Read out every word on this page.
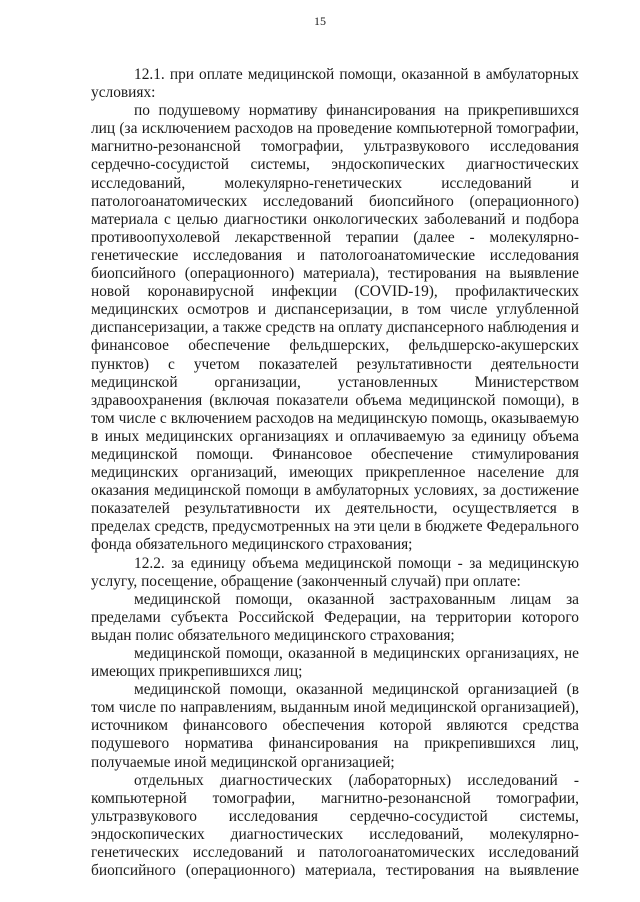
15

12.1. при оплате медицинской помощи, оказанной в амбулаторных условиях:

по подушевому нормативу финансирования на прикрепившихся лиц (за исключением расходов на проведение компьютерной томографии, магнитно-резонансной томографии, ультразвукового исследования сердечно-сосудистой системы, эндоскопических диагностических исследований, молекулярно-генетических исследований и патологоанатомических исследований биопсийного (операционного) материала с целью диагностики онкологических заболеваний и подбора противоопухолевой лекарственной терапии (далее - молекулярно-генетические исследования и патологоанатомические исследования биопсийного (операционного) материала), тестирования на выявление новой коронавирусной инфекции (COVID-19), профилактических медицинских осмотров и диспансеризации, в том числе углубленной диспансеризации, а также средств на оплату диспансерного наблюдения и финансовое обеспечение фельдшерских, фельдшерско-акушерских пунктов) с учетом показателей результативности деятельности медицинской организации, установленных Министерством здравоохранения (включая показатели объема медицинской помощи), в том числе с включением расходов на медицинскую помощь, оказываемую в иных медицинских организациях и оплачиваемую за единицу объема медицинской помощи. Финансовое обеспечение стимулирования медицинских организаций, имеющих прикрепленное население для оказания медицинской помощи в амбулаторных условиях, за достижение показателей результативности их деятельности, осуществляется в пределах средств, предусмотренных на эти цели в бюджете Федерального фонда обязательного медицинского страхования;

12.2. за единицу объема медицинской помощи - за медицинскую услугу, посещение, обращение (законченный случай) при оплате:

медицинской помощи, оказанной застрахованным лицам за пределами субъекта Российской Федерации, на территории которого выдан полис обязательного медицинского страхования;

медицинской помощи, оказанной в медицинских организациях, не имеющих прикрепившихся лиц;

медицинской помощи, оказанной медицинской организацией (в том числе по направлениям, выданным иной медицинской организацией), источником финансового обеспечения которой являются средства подушевого норматива финансирования на прикрепившихся лиц, получаемые иной медицинской организацией;

отдельных диагностических (лабораторных) исследований - компьютерной томографии, магнитно-резонансной томографии, ультразвукового исследования сердечно-сосудистой системы, эндоскопических диагностических исследований, молекулярно-генетических исследований и патологоанатомических исследований биопсийного (операционного) материала, тестирования на выявление
